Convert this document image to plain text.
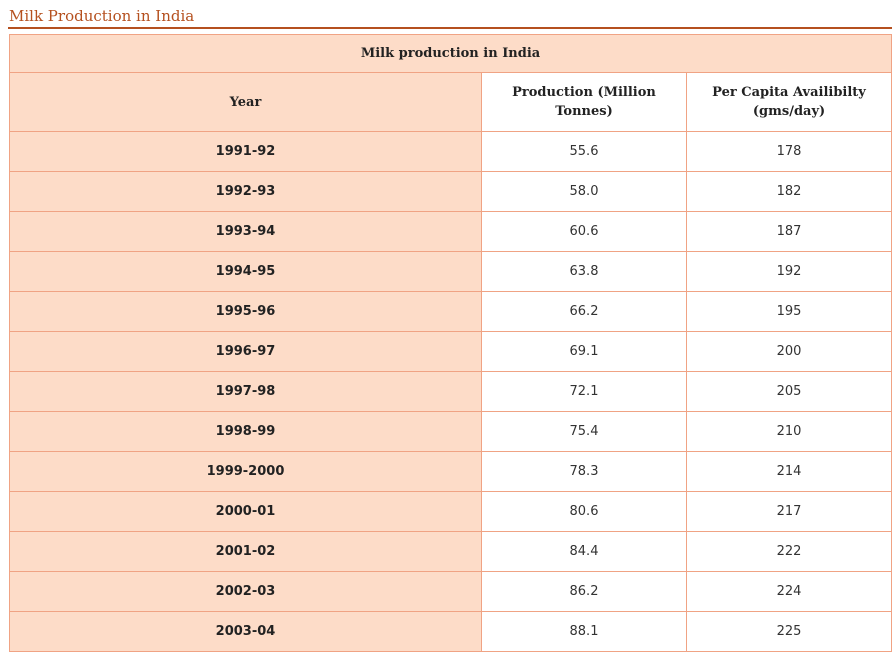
Milk Production in India
Milk production in India		
Year	Production (Million Tonnes)	Per Capita Availibilty (gms/day)

1991-92	55.6	178
1992-93	58.0	182
1993-94	60.6	187
1994-95	63.8	192
1995-96	66.2	195
1996-97	69.1	200
1997-98	72.1	205
1998-99	75.4	210
1999-2000	78.3	214
2000-01	80.6	217
2001-02	84.4	222
2002-03	86.2	224
2003-04	88.1	225
